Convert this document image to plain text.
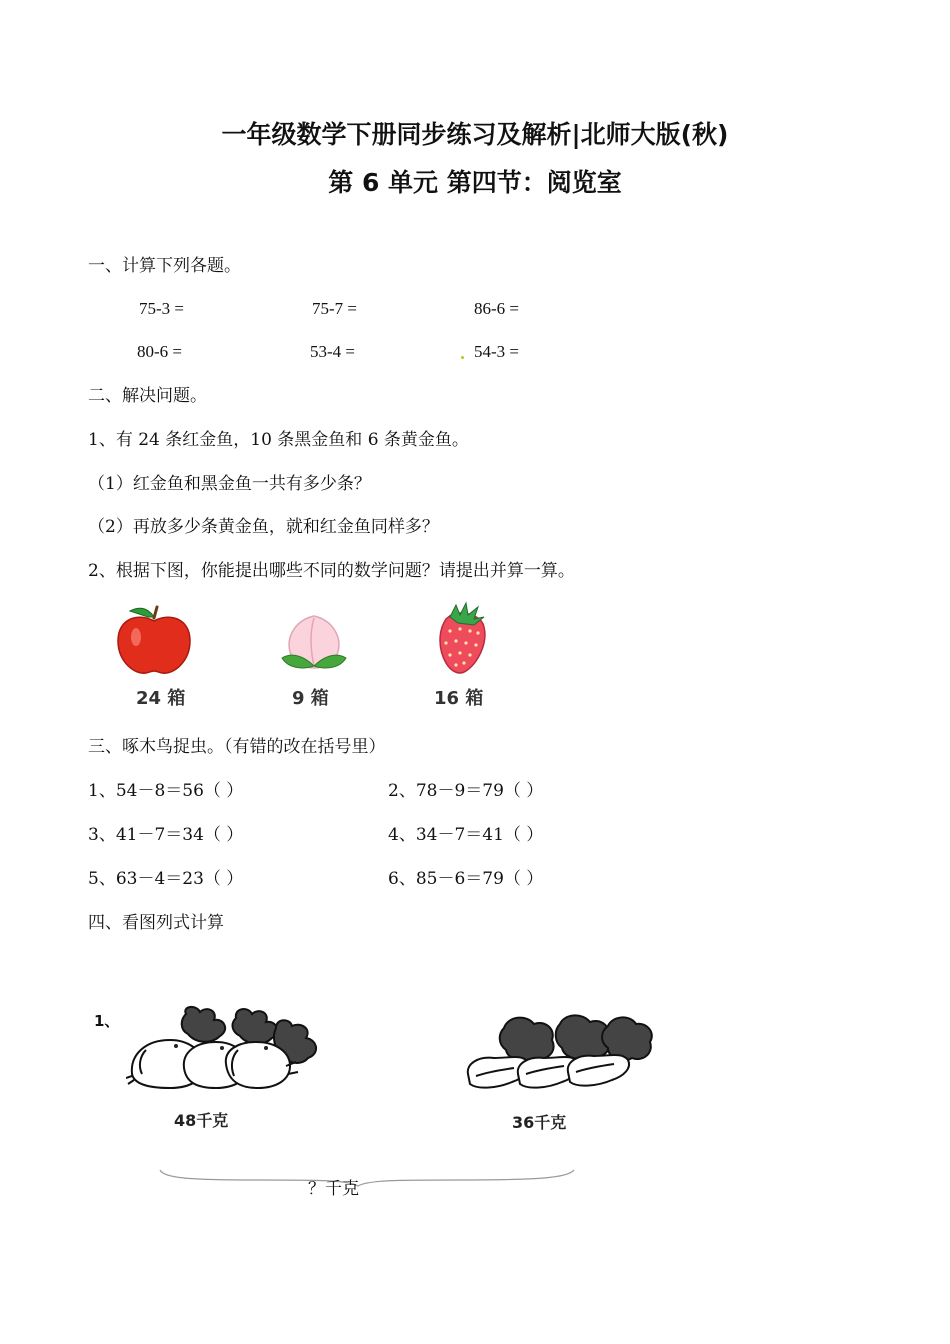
一年级数学下册同步练习及解析|北师大版(秋)
第 6 单元 第四节：阅览室
一、计算下列各题。
75-3 =	75-7 =	86-6 =
80-6 =	53-4 =	54-3 =
二、解决问题。
1、有 24 条红金鱼，10 条黑金鱼和 6 条黄金鱼。
（1）红金鱼和黑金鱼一共有多少条？
（2）再放多少条黄金鱼，就和红金鱼同样多？
2、根据下图，你能提出哪些不同的数学问题？请提出并算一算。
24 箱	9 箱	16 箱
三、啄木鸟捉虫。（有错的改在括号里）
1、54－8＝56（ ）	2、78－9＝79（ ）
3、41－7＝34（ ）	4、34－7＝41（ ）
5、63－4＝23（ ）	6、85－6＝79（ ）
四、看图列式计算
1、
48千克	36千克
？千克
